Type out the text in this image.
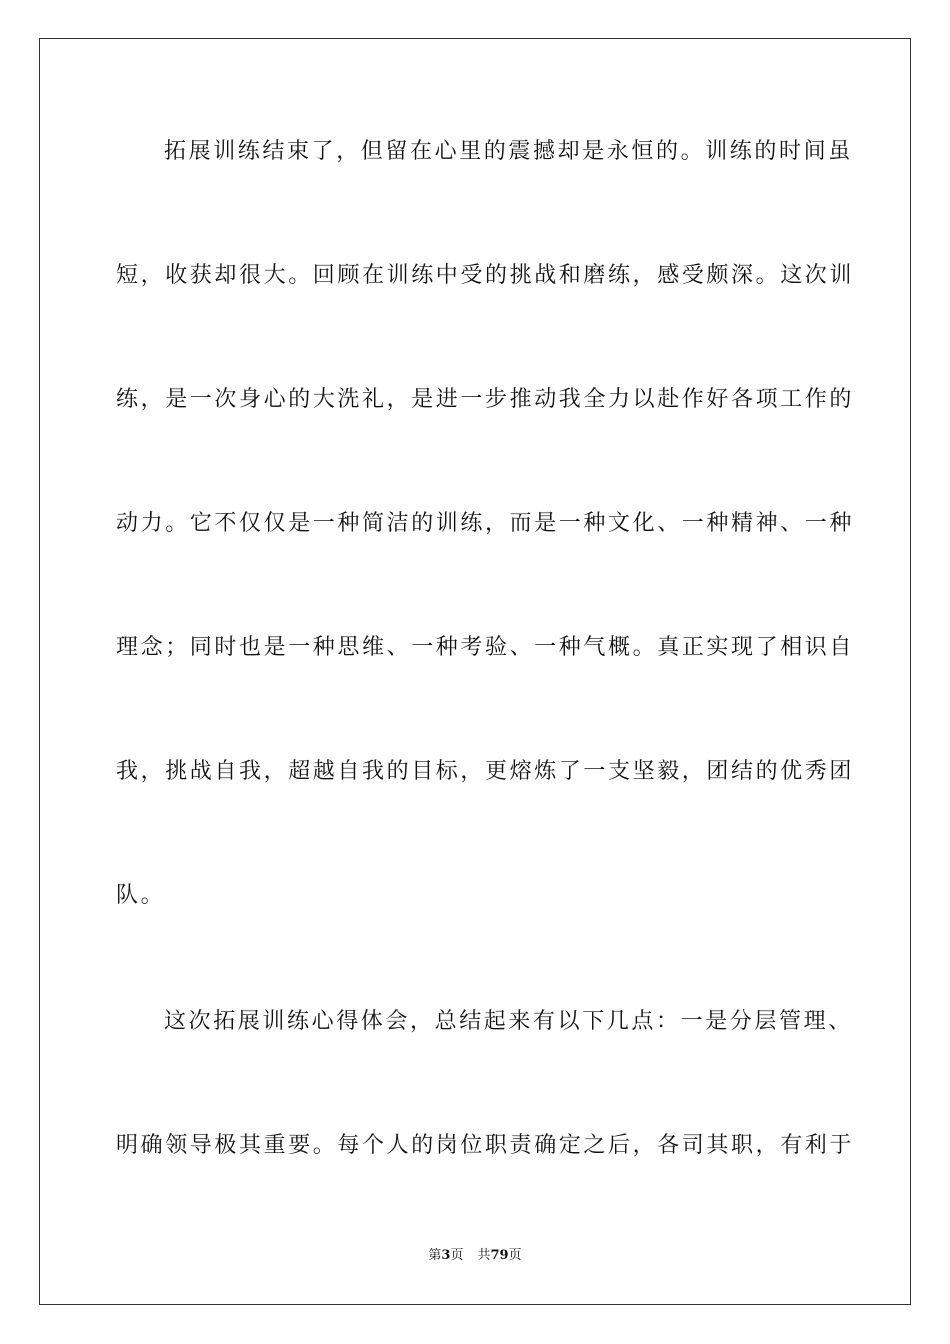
拓展训练结束了，但留在心里的震撼却是永恒的。训练的时间虽
短，收获却很大。回顾在训练中受的挑战和磨练，感受颇深。这次训
练，是一次身心的大洗礼，是进一步推动我全力以赴作好各项工作的
动力。它不仅仅是一种简洁的训练，而是一种文化、一种精神、一种
理念；同时也是一种思维、一种考验、一种气概。真正实现了相识自
我，挑战自我，超越自我的目标，更熔炼了一支坚毅，团结的优秀团
队。
这次拓展训练心得体会，总结起来有以下几点：一是分层管理、
明确领导极其重要。每个人的岗位职责确定之后，各司其职，有利于
第3页 共79页
